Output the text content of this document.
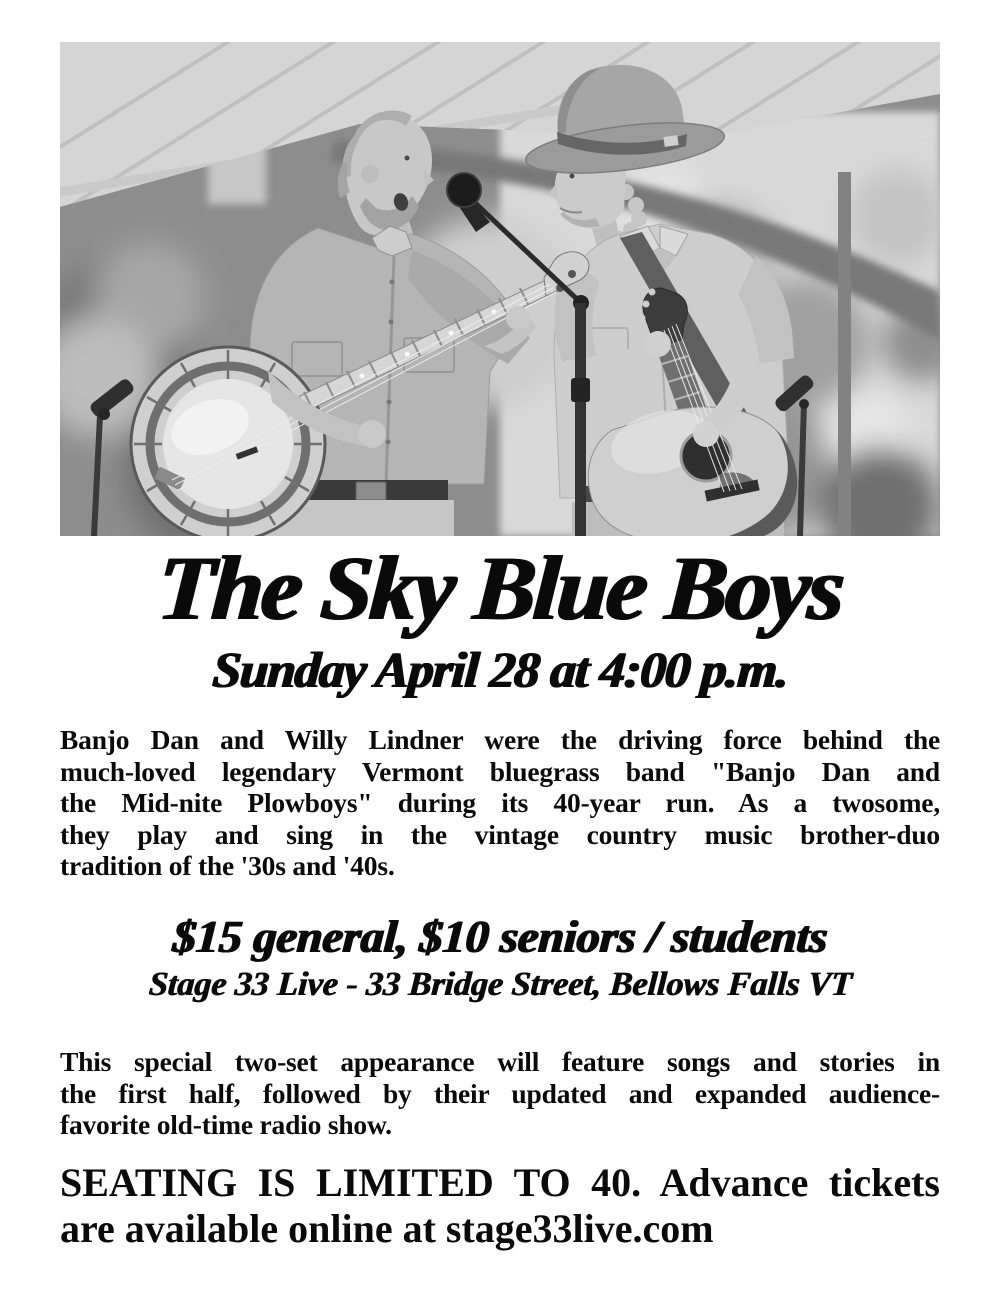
The Sky Blue Boys
Sunday April 28 at 4:00 p.m.
Banjo Dan and Willy Lindner were the driving force behind the
much-loved legendary Vermont bluegrass band "Banjo Dan and
the Mid-nite Plowboys" during its 40-year run. As a twosome,
they play and sing in the vintage country music brother-duo
tradition of the '30s and '40s.
$15 general, $10 seniors / students
Stage 33 Live - 33 Bridge Street, Bellows Falls VT
This special two-set appearance will feature songs and stories in
the first half, followed by their updated and expanded audience-
favorite old-time radio show.
SEATING IS LIMITED TO 40. Advance tickets
are available online at stage33live.com
